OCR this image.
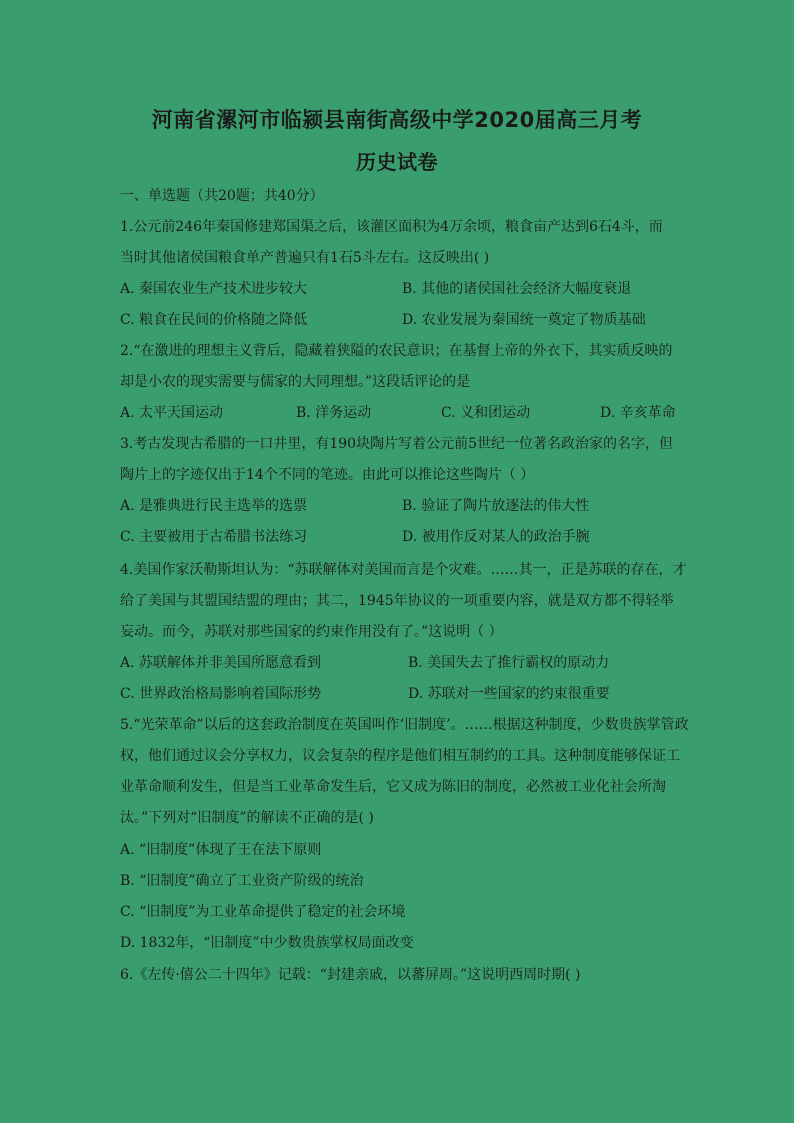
河南省漯河市临颍县南街高级中学2020届高三月考
历史试卷
一、单选题（共20题；共40分）
1.公元前246年秦国修建郑国渠之后，该灌区面积为4万余顷，粮食亩产达到6石4斗，而
当时其他诸侯国粮食单产普遍只有1石5斗左右。这反映出( )
A. 秦国农业生产技术进步较大	B. 其他的诸侯国社会经济大幅度衰退
C. 粮食在民间的价格随之降低	D. 农业发展为秦国统一奠定了物质基础
2.“在激进的理想主义背后，隐藏着狭隘的农民意识；在基督上帝的外衣下，其实质反映的
却是小农的现实需要与儒家的大同理想。”这段话评论的是
A. 太平天国运动	B. 洋务运动	C. 义和团运动	D. 辛亥革命
3.考古发现古希腊的一口井里，有190块陶片写着公元前5世纪一位著名政治家的名字，但
陶片上的字迹仅出于14个不同的笔迹。由此可以推论这些陶片（ ）
A. 是雅典进行民主选举的选票	B. 验证了陶片放逐法的伟大性
C. 主要被用于古希腊书法练习	D. 被用作反对某人的政治手腕
4.美国作家沃勒斯坦认为：“苏联解体对美国而言是个灾难。……其一，正是苏联的存在，才
给了美国与其盟国结盟的理由；其二，1945年协议的一项重要内容，就是双方都不得轻举
妄动。而今，苏联对那些国家的约束作用没有了。”这说明（ ）
A. 苏联解体并非美国所愿意看到	B. 美国失去了推行霸权的原动力
C. 世界政治格局影响着国际形势	D. 苏联对一些国家的约束很重要
5.“光荣革命”以后的这套政治制度在英国叫作‘旧制度’。……根据这种制度，少数贵族掌管政
权，他们通过议会分享权力，议会复杂的程序是他们相互制约的工具。这种制度能够保证工
业革命顺利发生，但是当工业革命发生后，它又成为陈旧的制度，必然被工业化社会所淘
汰。”下列对“旧制度”的解读不正确的是( )
A. “旧制度”体现了王在法下原则
B. “旧制度”确立了工业资产阶级的统治
C. “旧制度”为工业革命提供了稳定的社会环境
D. 1832年，“旧制度”中少数贵族掌权局面改变
6.《左传·僖公二十四年》记载：“封建亲戚，以蕃屏周。”这说明西周时期( )
